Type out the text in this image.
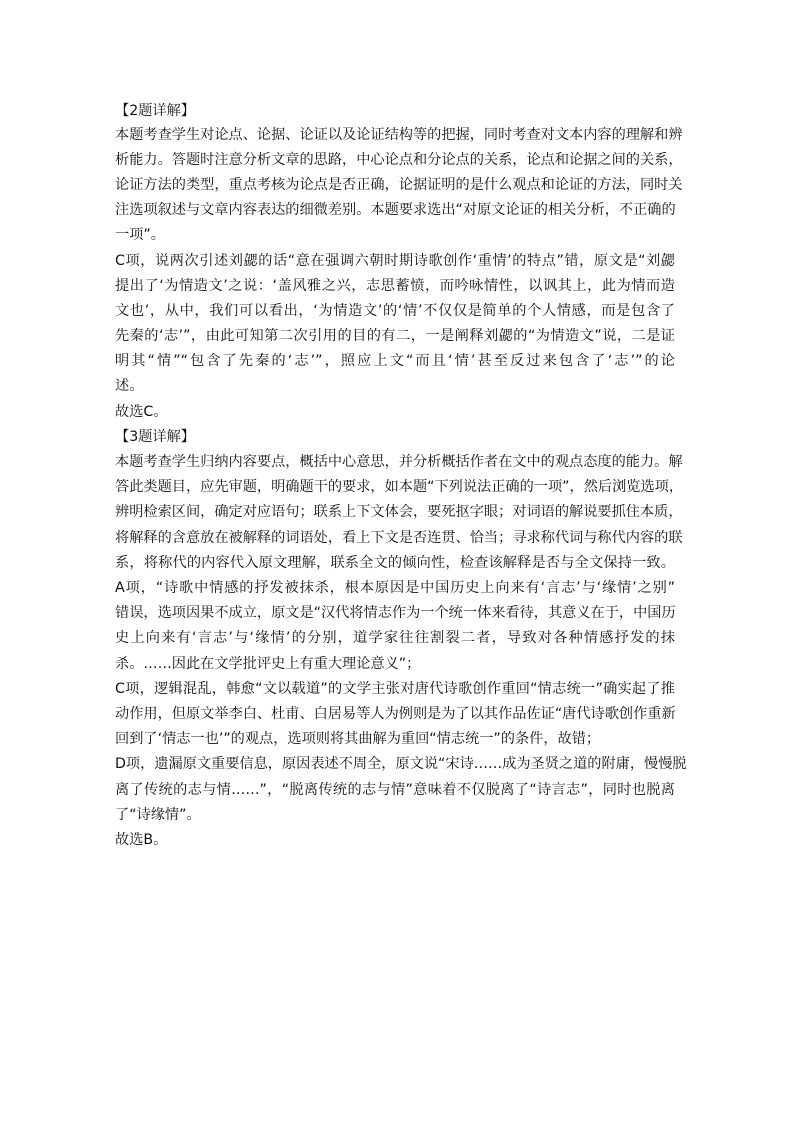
【2题详解】
本题考查学生对论点、论据、论证以及论证结构等的把握，同时考查对文本内容的理解和辨
析能力。答题时注意分析文章的思路，中心论点和分论点的关系，论点和论据之间的关系，
论证方法的类型，重点考核为论点是否正确，论据证明的是什么观点和论证的方法，同时关
注选项叙述与文章内容表达的细微差别。本题要求选出“对原文论证的相关分析，不正确的
一项”。
C项，说两次引述刘勰的话“意在强调六朝时期诗歌创作‘重情’的特点”错，原文是“刘勰
提出了‘为情造文’之说：‘盖风雅之兴，志思蓄愤，而吟咏情性，以讽其上，此为情而造
文也’，从中，我们可以看出，‘为情造文’的‘情’不仅仅是简单的个人情感，而是包含了
先秦的‘志’”，由此可知第二次引用的目的有二，一是阐释刘勰的“为情造文”说，二是证
明其“情”“包含了先秦的‘志’”，照应上文“而且‘情’甚至反过来包含了‘志’”的论
述。
故选C。
【3题详解】
本题考查学生归纳内容要点，概括中心意思，并分析概括作者在文中的观点态度的能力。解
答此类题目，应先审题，明确题干的要求，如本题“下列说法正确的一项”，然后浏览选项，
辨明检索区间，确定对应语句；联系上下文体会，要死抠字眼；对词语的解说要抓住本质，
将解释的含意放在被解释的词语处，看上下文是否连贯、恰当；寻求称代词与称代内容的联
系，将称代的内容代入原文理解，联系全文的倾向性，检查该解释是否与全文保持一致。
A项，“诗歌中情感的抒发被抹杀，根本原因是中国历史上向来有‘言志’与‘缘情’之别”
错误，选项因果不成立，原文是“汉代将情志作为一个统一体来看待，其意义在于，中国历
史上向来有‘言志’与‘缘情’的分别，道学家往往割裂二者，导致对各种情感抒发的抹
杀。……因此在文学批评史上有重大理论意义”；
C项，逻辑混乱，韩愈“文以载道”的文学主张对唐代诗歌创作重回“情志统一”确实起了推
动作用，但原文举李白、杜甫、白居易等人为例则是为了以其作品佐证“唐代诗歌创作重新
回到了‘情志一也’”的观点，选项则将其曲解为重回“情志统一”的条件，故错；
D项，遗漏原文重要信息，原因表述不周全，原文说“宋诗……成为圣贤之道的附庸，慢慢脱
离了传统的志与情……”，“脱离传统的志与情”意味着不仅脱离了“诗言志”，同时也脱离
了“诗缘情”。
故选B。
